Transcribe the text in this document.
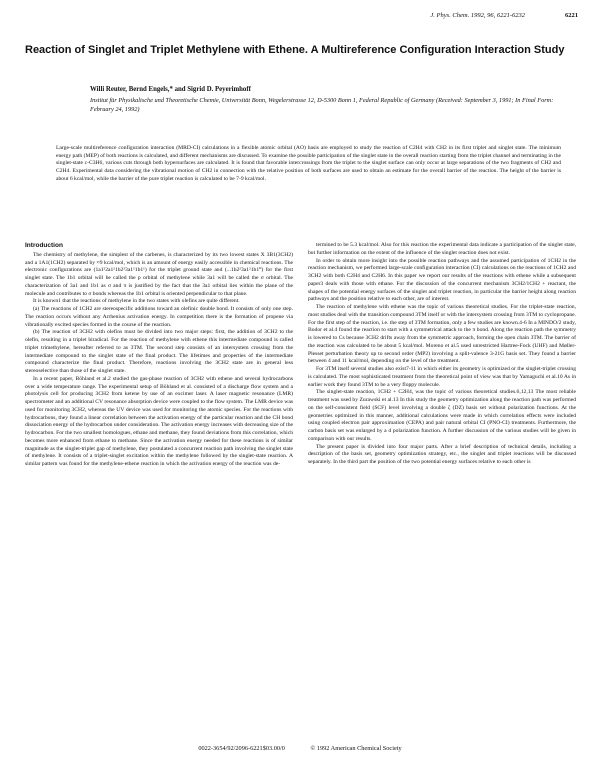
J. Phys. Chem. 1992, 96, 6221-6232	6221
Reaction of Singlet and Triplet Methylene with Ethene. A Multireference Configuration Interaction Study
Willi Reuter, Bernd Engels,* and Sigrid D. Peyerimhoff
Institut für Physikalische und Theoretische Chemie, Universität Bonn, Wegelerstrasse 12, D-5300 Bonn 1, Federal Republic of Germany (Received: September 3, 1991; In Final Form: February 24, 1992)
Large-scale multireference configuration interaction (MRD-CI) calculations in a flexible atomic orbital (AO) basis are employed to study the reaction of C2H4 with CH2 in its first triplet and singlet state. The minimum energy path (MEP) of both reactions is calculated, and different mechanisms are discussed. To examine the possible participation of the singlet state in the overall reaction starting from the triplet channel and terminating in the singlet-state c-C3H6, various cuts through both hypersurfaces are calculated. It is found that favorable intercrossings from the triplet to the singlet surface can only occur at large separations of the two fragments of CH2 and C2H4. Experimental data considering the vibrational motion of CH2 in connection with the relative position of both surfaces are used to obtain an estimate for the overall barrier of the reaction. The height of the barrier is about 6 kcal/mol, while the barrier of the pure triplet reaction is calculated to be 7-9 kcal/mol.
Introduction

The chemistry of methylene, the simplest of the carbenes, is characterized by its two lowest states X 3B1(3CH2) and a 1A1(1CH2) separated by ≈9 kcal/mol, which is an amount of energy easily accessible in chemical reactions. The electronic configurations are (1a1²2a1²1b2²3a1¹1b1¹) for the triplet ground state and (...1b2²3a1²1b1⁰) for the first singlet state. The 1b1 orbital will be called the p orbital of methylene while 3a1 will be called the σ orbital. The characterization of 3a1 and 1b1 as σ and π is justified by the fact that the 3a1 orbital lies within the plane of the molecule and contributes to σ bonds whereas the 1b1 orbital is oriented perpendicular to that plane.

It is known1 that the reactions of methylene in the two states with olefins are quite different.

(a) The reactions of 1CH2 are stereospecific additions toward an olefinic double bond. It consists of only one step. The reaction occurs without any Arrhenius activation energy. In competition there is the formation of propene via vibrationally excited species formed in the course of the reaction.

(b) The reaction of 3CH2 with olefins must be divided into two major steps: first, the addition of 3CH2 to the olefin, resulting in a triplet biradical. For the reaction of methylene with ethene this intermediate compound is called triplet trimethylene, hereafter referred to as 3TM. The second step consists of an intersystem crossing from the intermediate compound to the singlet state of the final product. The lifetimes and properties of the intermediate compound characterize the final product. Therefore, reactions involving the 3CH2 state are in general less stereoselective than those of the singlet state.

In a recent paper, Böhland et al.2 studied the gas-phase reaction of 3CH2 with ethene and several hydrocarbons over a wide temperature range. The experimental setup of Böhland et al. consisted of a discharge flow system and a photolysis cell for producing 3CH2 from ketene by use of an excimer laser. A laser magnetic resonance (LMR) spectrometer and an additional CV resonance absorption device were coupled to the flow system. The LMR device was used for monitoring 3CH2, whereas the UV device was used for monitoring the atomic species. For the reactions with hydrocarbons, they found a linear correlation between the activation energy of the particular reaction and the CH bond dissociation energy of the hydrocarbon under consideration. The activation energy increases with decreasing size of the hydrocarbon. For the two smallest homologues, ethane and methane, they found deviations from this correlation, which becomes more enhanced from ethane to methane. Since the activation energy needed for these reactions is of similar magnitude as the singlet-triplet gap of methylene, they postulated a concurrent reaction path involving the singlet state of methylene. It consists of a triplet-singlet excitation within the methylene followed by the singlet-state reaction. A similar pattern was found for the methylene-ethene reaction in which the activation energy of the reaction was de-

termined to be 5.3 kcal/mol. Also for this reaction the experimental data indicate a participation of the singlet state, but further information on the extent of the influence of the singlet reaction does not exist.

In order to obtain more insight into the possible reaction pathways and the assumed participation of 1CH2 in the reaction mechanism, we performed large-scale configuration interaction (CI) calculations on the reactions of 1CH2 and 3CH2 with both C2H4 and C2H6. In this paper we report our results of the reactions with ethene while a subsequent paper3 deals with those with ethane. For the discussion of the concurrent mechanism 3CH2/1CH2 + reactant, the shapes of the potential energy surfaces of the singlet and triplet reaction, in particular the barrier height along reaction pathways and the position relative to each other, are of interest.

The reaction of methylene with ethene was the topic of various theoretical studies. For the triplet-state reaction, most studies deal with the transition compound 3TM itself or with the intersystem crossing from 3TM to cyclopropane. For the first step of the reaction, i.e. the step of 3TM formation, only a few studies are known.4-6 In a MINDO/2 study, Bodor et al.4 found the reaction to start with a symmetrical attack to the π bond. Along the reaction path the symmetry is lowered to Cs because 3CH2 drifts away from the symmetric approach, forming the open chain 3TM. The barrier of the reaction was calculated to be about 5 kcal/mol. Moreno et al.5 used unrestricted Hartree-Fock (UHF) and Møller-Plesset perturbation theory up to second order (MP2) involving a split-valence 3-21G basis set. They found a barrier between 4 and 11 kcal/mol, depending on the level of the treatment.

For 3TM itself several studies also exist7-11 in which either its geometry is optimized or the singlet-triplet crossing is calculated. The most sophisticated treatment from the theoretical point of view was that by Yamaguchi et al.10 As in earlier work they found 3TM to be a very floppy molecule.

The singlet-state reaction, 1CH2 + C2H4, was the topic of various theoretical studies.6,12,13 The most reliable treatment was used by Zurawski et al.13 In this study the geometry optimization along the reaction path was performed on the self-consistent field (SCF) level involving a double ζ (DZ) basis set without polarization functions. At the geometries optimized in this manner, additional calculations were made in which correlation effects were included using coupled electron pair approximation (CEPA) and pair natural orbital CI (PNO-CI) treatments. Furthermore, the carbon basis set was enlarged by a d polarization function. A further discussion of the various studies will be given in comparison with our results.

The present paper is divided into four major parts. After a brief description of technical details, including a description of the basis set, geometry optimization strategy, etc., the singlet and triplet reactions will be discussed separately. In the third part the position of the two potential energy surfaces relative to each other is

0022-3654/92/2096-6221$03.00/0	© 1992 American Chemical Society
